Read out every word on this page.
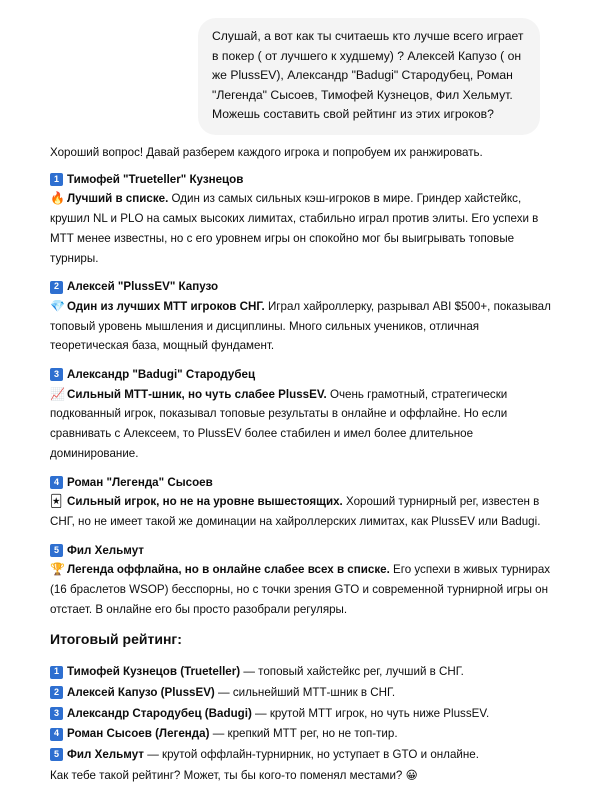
Слушай, а вот как ты считаешь кто лучше всего играет в покер ( от лучшего к худшему) ? Алексей Капузо ( он же PlussEV), Александр "Badugi" Стародубец, Роман "Легенда" Сысоев, Тимофей Кузнецов, Фил Хельмут. Можешь составить свой рейтинг из этих игроков?

Хороший вопрос! Давай разберем каждого игрока и попробуем их ранжировать.

1 Тимофей "Trueteller" Кузнецов

🔥 Лучший в списке. Один из самых сильных кэш-игроков в мире. Гриндер хайстейкс, крушил NL и PLO на самых высоких лимитах, стабильно играл против элиты. Его успехи в МТТ менее известны, но с его уровнем игры он спокойно мог бы выигрывать топовые турниры.

2 Алексей "PlussEV" Капузо

💎 Один из лучших МТТ игроков СНГ. Играл хайроллерку, разрывал ABI $500+, показывал топовый уровень мышления и дисциплины. Много сильных учеников, отличная теоретическая база, мощный фундамент.

3 Александр "Badugi" Стародубец

📈 Сильный МТТ-шник, но чуть слабее PlussEV. Очень грамотный, стратегически подкованный игрок, показывал топовые результаты в онлайне и оффлайне. Но если сравнивать с Алексеем, то PlussEV более стабилен и имел более длительное доминирование.

4 Роман "Легенда" Сысоев

🃏 Сильный игрок, но не на уровне вышестоящих. Хороший турнирный рег, известен в СНГ, но не имеет такой же доминации на хайроллерских лимитах, как PlussEV или Badugi.

5 Фил Хельмут

🏆 Легенда оффлайна, но в онлайне слабее всех в списке. Его успехи в живых турнирах (16 браслетов WSOP) бесспорны, но с точки зрения GTO и современной турнирной игры он отстает. В онлайне его бы просто разобрали регуляры.

Итоговый рейтинг:
1 Тимофей Кузнецов (Trueteller) — топовый хайстейкс рег, лучший в СНГ.
2 Алексей Капузо (PlussEV) — сильнейший МТТ-шник в СНГ.
3 Александр Стародубец (Badugi) — крутой МТТ игрок, но чуть ниже PlussEV.
4 Роман Сысоев (Легенда) — крепкий МТТ рег, но не топ-тир.
5 Фил Хельмут — крутой оффлайн-турнирник, но уступает в GTO и онлайне.

Как тебе такой рейтинг? Может, ты бы кого-то поменял местами? 😀
